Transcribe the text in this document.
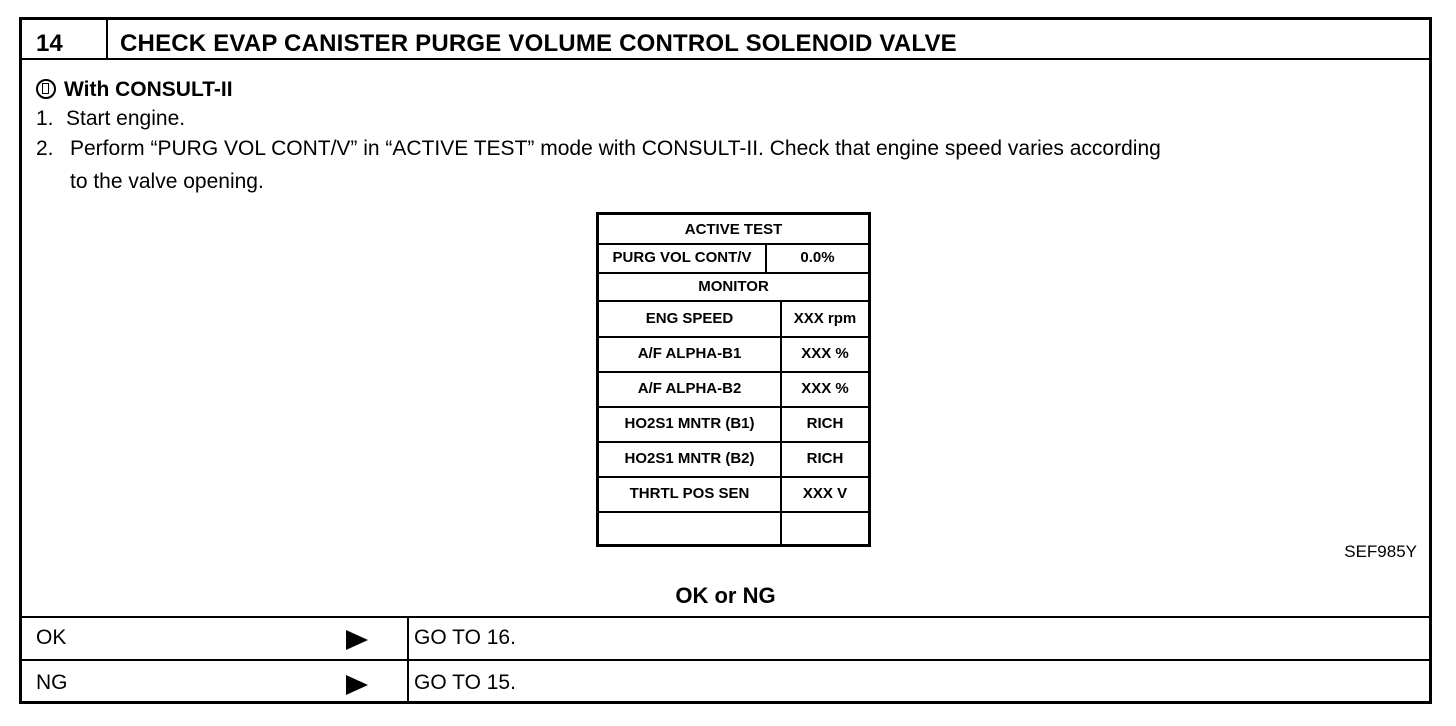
14 CHECK EVAP CANISTER PURGE VOLUME CONTROL SOLENOID VALVE
With CONSULT-II
1. Start engine.
2. Perform “PURG VOL CONT/V” in “ACTIVE TEST” mode with CONSULT-II. Check that engine speed varies according
to the valve opening.
ACTIVE TEST
PURG VOL CONT/V	0.0%
MONITOR
ENG SPEED	XXX rpm
A/F ALPHA-B1	XXX %
A/F ALPHA-B2	XXX %
HO2S1 MNTR (B1)	RICH
HO2S1 MNTR (B2)	RICH
THRTL POS SEN	XXX V
SEF985Y
OK or NG
OK	GO TO 16.
NG	GO TO 15.
